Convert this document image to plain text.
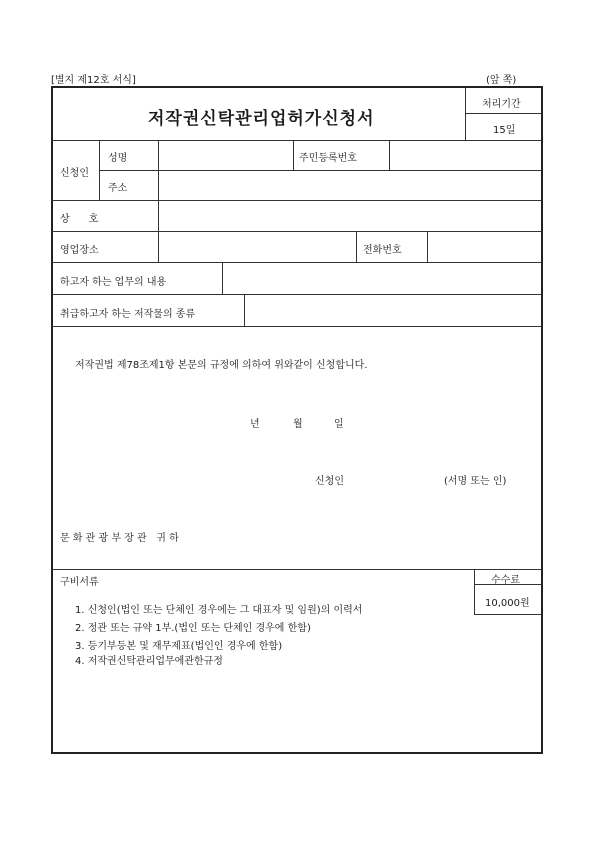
[별지 제12호 서식]	(앞 쪽)
저작권신탁관리업허가신청서
처리기간
15일
신청인
성명	주민등록번호
주소
상      호
영업장소	전화번호
하고자 하는 업무의 내용
취급하고자 하는 저작물의 종류
저작권법 제78조제1항 본문의 규정에 의하여 위와같이 신청합니다.
년	월	일
신청인	(서명 또는 인)
문 화 관 광 부 장 관   귀 하
구비서류	수수료
10,000원
1. 신청인(법인 또는 단체인 경우에는 그 대표자 및 임원)의 이력서
2. 정관 또는 규약 1부.(법인 또는 단체인 경우에 한함)
3. 등기부등본 및 재무제표(법인인 경우에 한함)
4. 저작권신탁관리업무에관한규정
